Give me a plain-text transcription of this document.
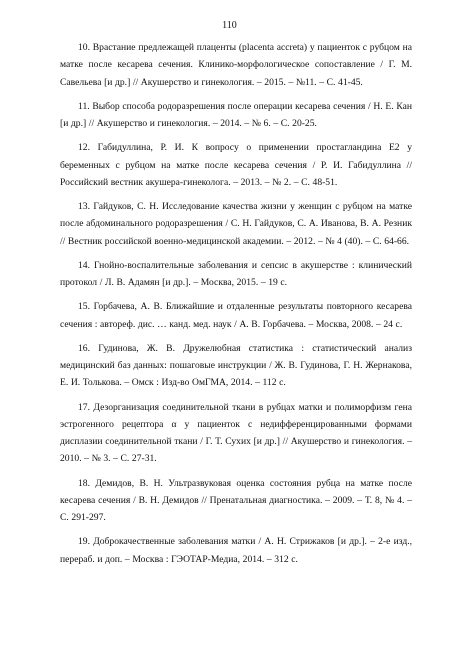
110

10. Врастание предлежащей плаценты (placenta accreta) у пациенток с рубцом на матке после кесарева сечения. Клинико-морфологическое сопоставление / Г. М. Савельева [и др.] // Акушерство и гинекология. – 2015. – №11. – С. 41-45.

11. Выбор способа родоразрешения после операции кесарева сечения / Н. Е. Кан [и др.] // Акушерство и гинекология. – 2014. – № 6. – С. 20-25.

12. Габидуллина, Р. И. К вопросу о применении простагландина Е2 у беременных с рубцом на матке после кесарева сечения / Р. И. Габидуллина // Российский вестник акушера-гинеколога. – 2013. – № 2. – С. 48-51.

13. Гайдуков, С. Н. Исследование качества жизни у женщин с рубцом на матке после абдоминального родоразрешения / С. Н. Гайдуков, С. А. Иванова, В. А. Резник // Вестник российской военно-медицинской академии. – 2012. – № 4 (40). – С. 64-66.

14. Гнойно-воспалительные заболевания и сепсис в акушерстве : клинический протокол / Л. В. Адамян [и др.]. – Москва, 2015. – 19 с.

15. Горбачева, А. В. Ближайшие и отдаленные результаты повторного кесарева сечения : автореф. дис. … канд. мед. наук / А. В. Горбачева. – Москва, 2008. – 24 с.

16. Гудинова, Ж. В. Дружелюбная статистика : статистический анализ медицинский баз данных: пошаговые инструкции / Ж. В. Гудинова, Г. Н. Жернакова, Е. И. Толькова. – Омск : Изд-во ОмГМА, 2014. – 112 с.

17. Дезорганизация соединительной ткани в рубцах матки и полиморфизм гена эстрогенного рецептора α у пациенток с недифференцированными формами дисплазии соединительной ткани / Г. Т. Сухих [и др.] // Акушерство и гинекология. – 2010. – № 3. – С. 27-31.

18. Демидов, В. Н. Ультразвуковая оценка состояния рубца на матке после кесарева сечения / В. Н. Демидов // Пренатальная диагностика. – 2009. – Т. 8, № 4. – С. 291-297.

19. Доброкачественные заболевания матки / А. Н. Стрижаков [и др.]. – 2-е изд., перераб. и доп. – Москва : ГЭОТАР-Медиа, 2014. – 312 с.
